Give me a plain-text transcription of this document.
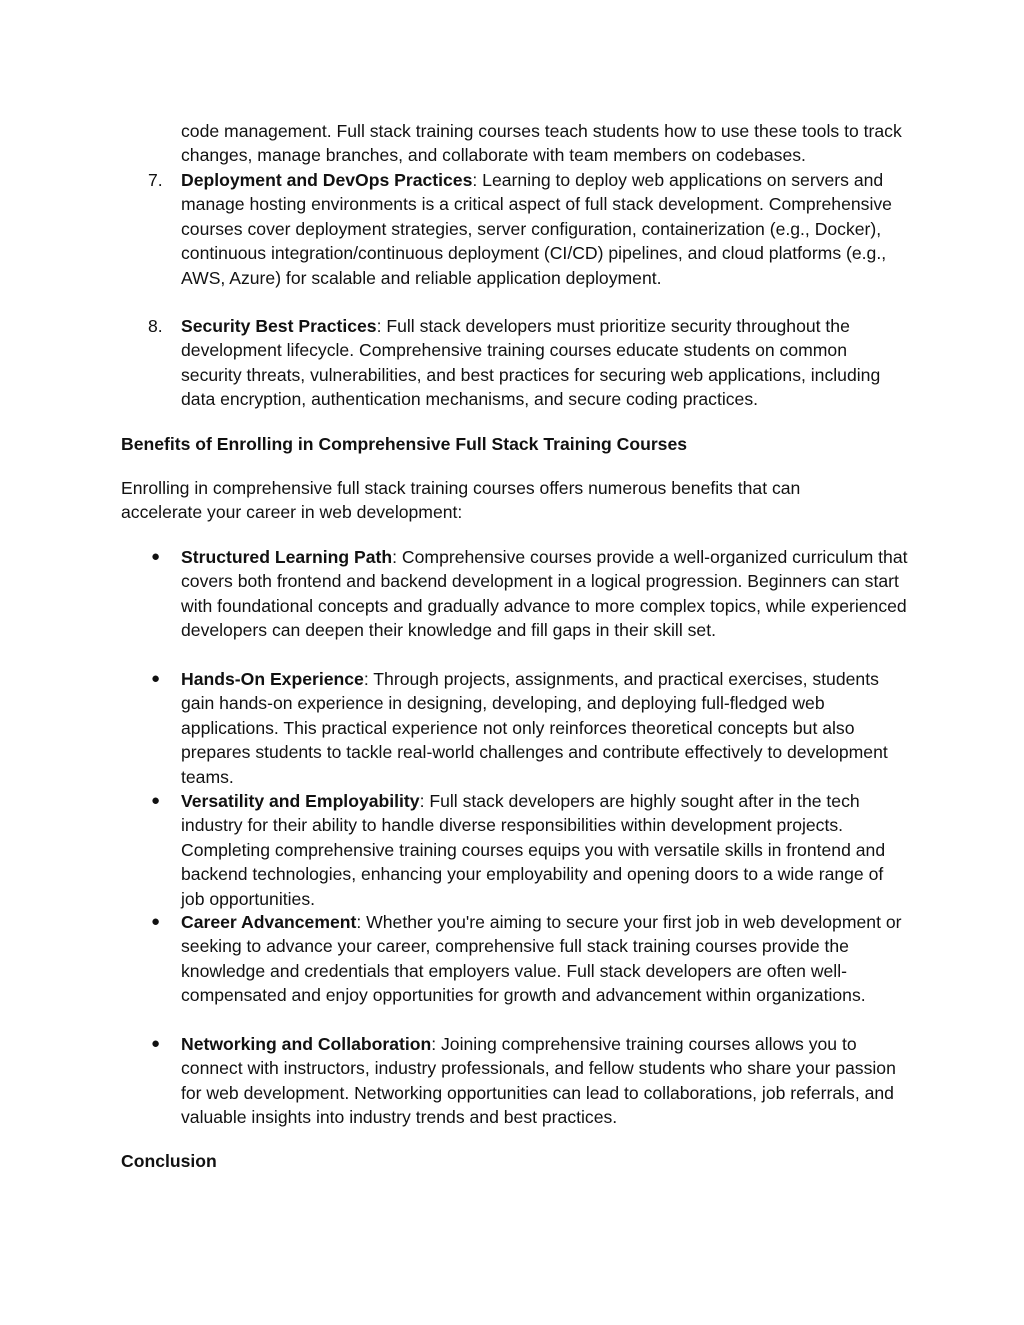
code management. Full stack training courses teach students how to use these tools to track changes, manage branches, and collaborate with team members on codebases.
7. Deployment and DevOps Practices: Learning to deploy web applications on servers and manage hosting environments is a critical aspect of full stack development. Comprehensive courses cover deployment strategies, server configuration, containerization (e.g., Docker), continuous integration/continuous deployment (CI/CD) pipelines, and cloud platforms (e.g., AWS, Azure) for scalable and reliable application deployment.
8. Security Best Practices: Full stack developers must prioritize security throughout the development lifecycle. Comprehensive training courses educate students on common security threats, vulnerabilities, and best practices for securing web applications, including data encryption, authentication mechanisms, and secure coding practices.
Benefits of Enrolling in Comprehensive Full Stack Training Courses
Enrolling in comprehensive full stack training courses offers numerous benefits that can accelerate your career in web development:
● Structured Learning Path: Comprehensive courses provide a well-organized curriculum that covers both frontend and backend development in a logical progression. Beginners can start with foundational concepts and gradually advance to more complex topics, while experienced developers can deepen their knowledge and fill gaps in their skill set.
● Hands-On Experience: Through projects, assignments, and practical exercises, students gain hands-on experience in designing, developing, and deploying full-fledged web applications. This practical experience not only reinforces theoretical concepts but also prepares students to tackle real-world challenges and contribute effectively to development teams.
● Versatility and Employability: Full stack developers are highly sought after in the tech industry for their ability to handle diverse responsibilities within development projects. Completing comprehensive training courses equips you with versatile skills in frontend and backend technologies, enhancing your employability and opening doors to a wide range of job opportunities.
● Career Advancement: Whether you're aiming to secure your first job in web development or seeking to advance your career, comprehensive full stack training courses provide the knowledge and credentials that employers value. Full stack developers are often well-compensated and enjoy opportunities for growth and advancement within organizations.
● Networking and Collaboration: Joining comprehensive training courses allows you to connect with instructors, industry professionals, and fellow students who share your passion for web development. Networking opportunities can lead to collaborations, job referrals, and valuable insights into industry trends and best practices.
Conclusion
